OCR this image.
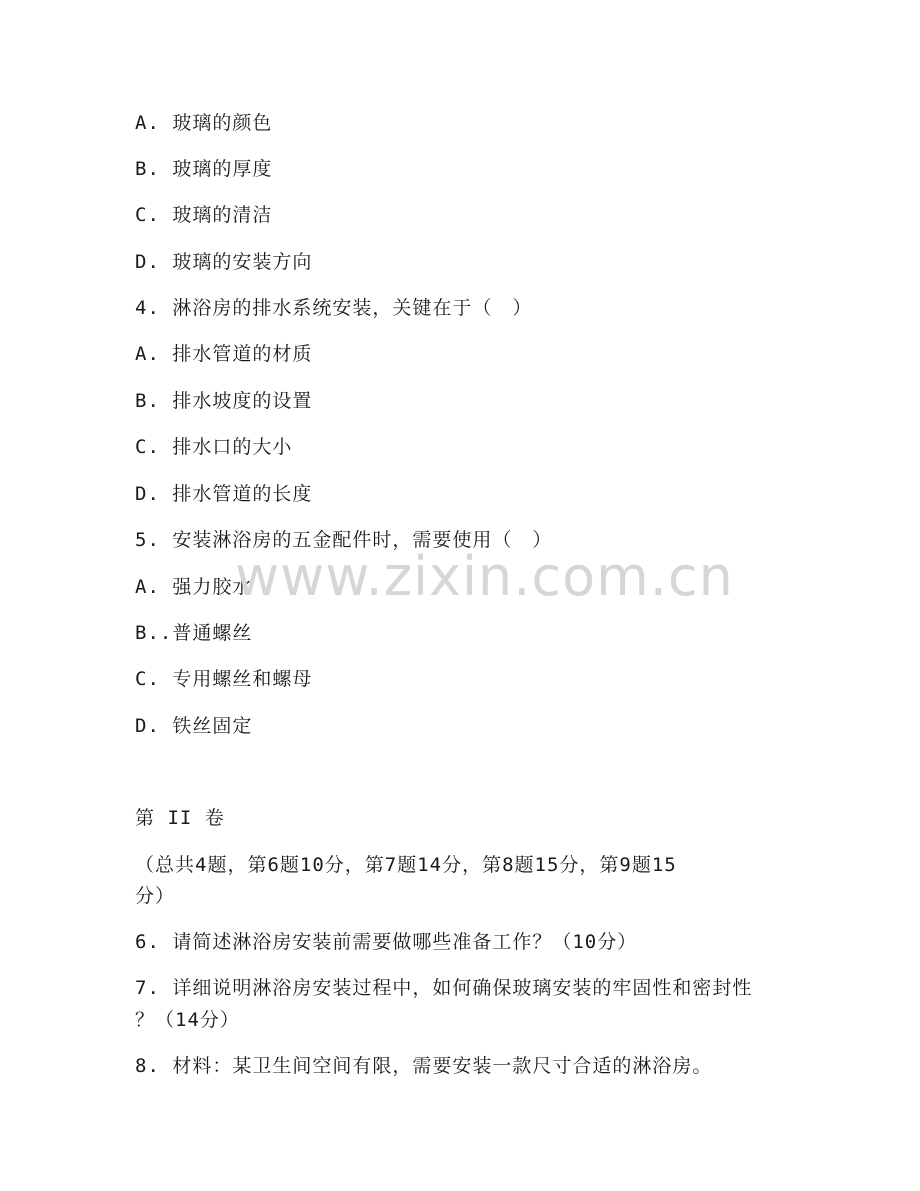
A. 玻璃的颜色
B. 玻璃的厚度
C. 玻璃的清洁
D. 玻璃的安装方向
4. 淋浴房的排水系统安装，关键在于（　）
A. 排水管道的材质
B. 排水坡度的设置
C. 排水口的大小
D. 排水管道的长度
5. 安装淋浴房的五金配件时，需要使用（　）
A. 强力胶水
B..普通螺丝
C. 专用螺丝和螺母
D. 铁丝固定
第 II 卷
（总共4题，第6题10分，第7题14分，第8题15分，第9题15
分）
6. 请简述淋浴房安装前需要做哪些准备工作？（10分）
7. 详细说明淋浴房安装过程中，如何确保玻璃安装的牢固性和密封性
？（14分）
8. 材料：某卫生间空间有限，需要安装一款尺寸合适的淋浴房。
www.zixin.com.cn
